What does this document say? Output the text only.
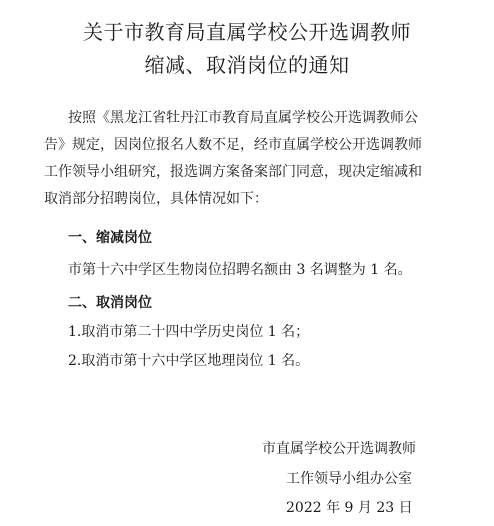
关于市教育局直属学校公开选调教师
缩减、取消岗位的通知
按照《黑龙江省牡丹江市教育局直属学校公开选调教师公
告》规定，因岗位报名人数不足，经市直属学校公开选调教师
工作领导小组研究，报选调方案备案部门同意，现决定缩减和
取消部分招聘岗位，具体情况如下：
一、缩减岗位
市第十六中学区生物岗位招聘名额由 3 名调整为 1 名。
二、取消岗位
1.取消市第二十四中学历史岗位 1 名；
2.取消市第十六中学区地理岗位 1 名。
市直属学校公开选调教师
工作领导小组办公室
2022 年 9 月 23 日
